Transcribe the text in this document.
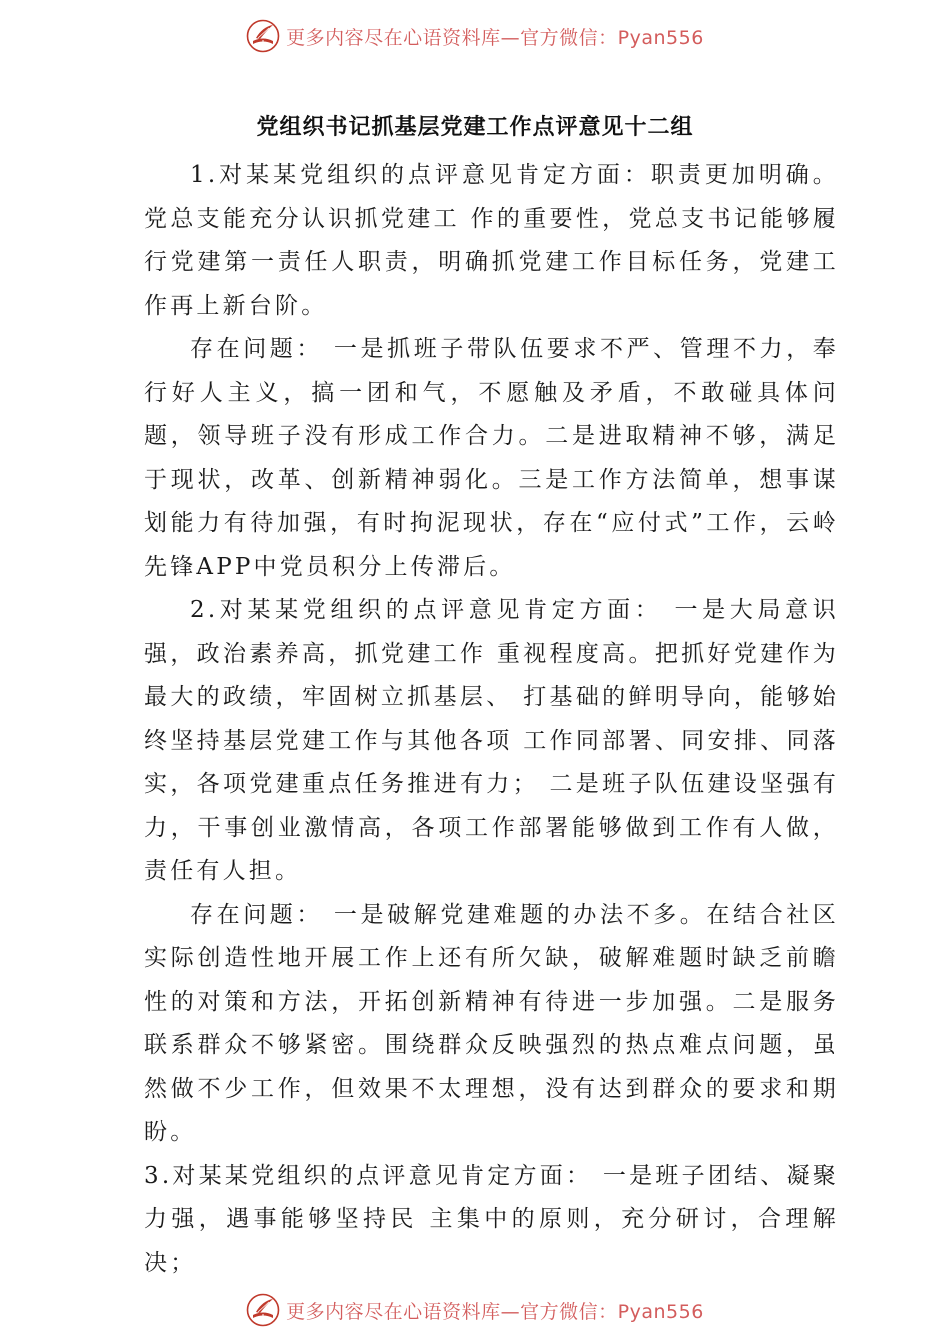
更多内容尽在心语资料库—官方微信：Pyan556
党组织书记抓基层党建工作点评意见十二组

1.对某某党组织的点评意见肯定方面：职责更加明确。党总支能充分认识抓党建工 作的重要性，党总支书记能够履行党建第一责任人职责，明确抓党建工作目标任务，党建工作再上新台阶。

存在问题： 一是抓班子带队伍要求不严、管理不力，奉行好人主义，搞一团和气，不愿触及矛盾，不敢碰具体问题，领导班子没有形成工作合力。二是进取精神不够，满足于现状，改革、创新精神弱化。三是工作方法简单，想事谋划能力有待加强，有时拘泥现状，存在“应付式”工作，云岭先锋APP中党员积分上传滞后。

2.对某某党组织的点评意见肯定方面： 一是大局意识强，政治素养高，抓党建工作 重视程度高。把抓好党建作为最大的政绩，牢固树立抓基层、 打基础的鲜明导向，能够始终坚持基层党建工作与其他各项 工作同部署、同安排、同落实，各项党建重点任务推进有力； 二是班子队伍建设坚强有力，干事创业激情高，各项工作部署能够做到工作有人做，责任有人担。

存在问题： 一是破解党建难题的办法不多。在结合社区实际创造性地开展工作上还有所欠缺，破解难题时缺乏前瞻性的对策和方法，开拓创新精神有待进一步加强。二是服务 联系群众不够紧密。围绕群众反映强烈的热点难点问题，虽 然做不少工作，但效果不太理想，没有达到群众的要求和期盼。

3.对某某党组织的点评意见肯定方面： 一是班子团结、凝聚力强，遇事能够坚持民 主集中的原则，充分研讨，合理解决；

更多内容尽在心语资料库—官方微信：Pyan556
